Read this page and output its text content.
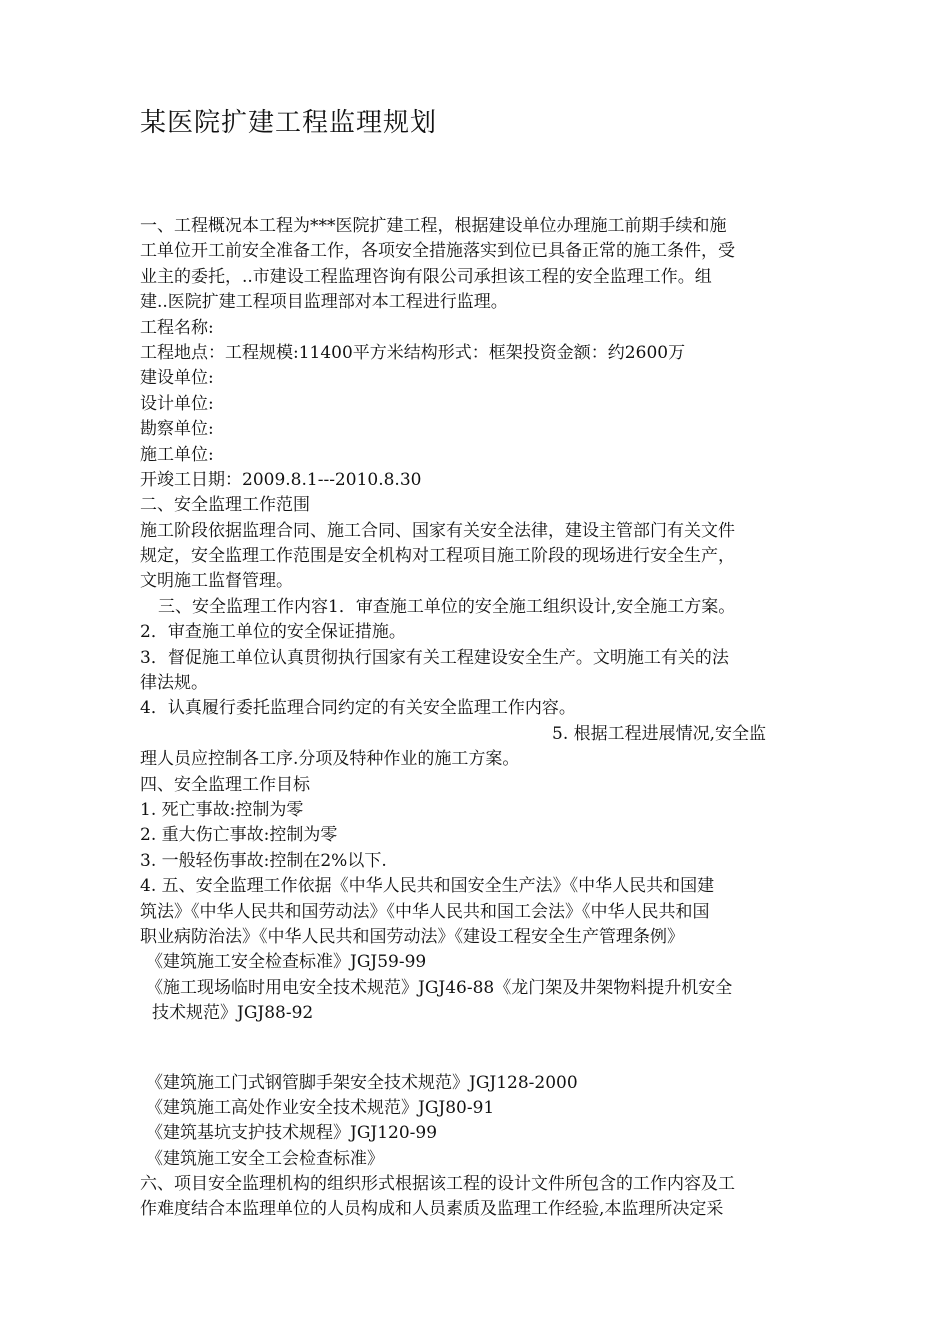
某医院扩建工程监理规划
一、工程概况本工程为***医院扩建工程，根据建设单位办理施工前期手续和施
工单位开工前安全准备工作，各项安全措施落实到位已具备正常的施工条件，受
业主的委托，..市建设工程监理咨询有限公司承担该工程的安全监理工作。组
建..医院扩建工程项目监理部对本工程进行监理。
工程名称:
工程地点：工程规模:11400平方米结构形式：框架投资金额：约2600万
建设单位:
设计单位:
勘察单位:
施工单位:
开竣工日期：2009.8.1---2010.8.30
二、安全监理工作范围
施工阶段依据监理合同、施工合同、国家有关安全法律，建设主管部门有关文件
规定，安全监理工作范围是安全机构对工程项目施工阶段的现场进行安全生产，
文明施工监督管理。
三、安全监理工作内容1．审查施工单位的安全施工组织设计,安全施工方案。
2．审查施工单位的安全保证措施。
3．督促施工单位认真贯彻执行国家有关工程建设安全生产。文明施工有关的法
律法规。
4．认真履行委托监理合同约定的有关安全监理工作内容。
5. 根据工程进展情况,安全监
理人员应控制各工序.分项及特种作业的施工方案。
四、安全监理工作目标
1. 死亡事故:控制为零
2. 重大伤亡事故:控制为零
3. 一般轻伤事故:控制在2%以下.
4. 五、安全监理工作依据《中华人民共和国安全生产法》《中华人民共和国建
筑法》《中华人民共和国劳动法》《中华人民共和国工会法》《中华人民共和国
职业病防治法》《中华人民共和国劳动法》《建设工程安全生产管理条例》
《建筑施工安全检查标准》JGJ59-99
《施工现场临时用电安全技术规范》JGJ46-88《龙门架及井架物料提升机安全
技术规范》JGJ88-92
《建筑施工门式钢管脚手架安全技术规范》JGJ128-2000
《建筑施工高处作业安全技术规范》JGJ80-91
《建筑基坑支护技术规程》JGJ120-99
《建筑施工安全工会检查标准》
六、项目安全监理机构的组织形式根据该工程的设计文件所包含的工作内容及工
作难度结合本监理单位的人员构成和人员素质及监理工作经验,本监理所决定采
